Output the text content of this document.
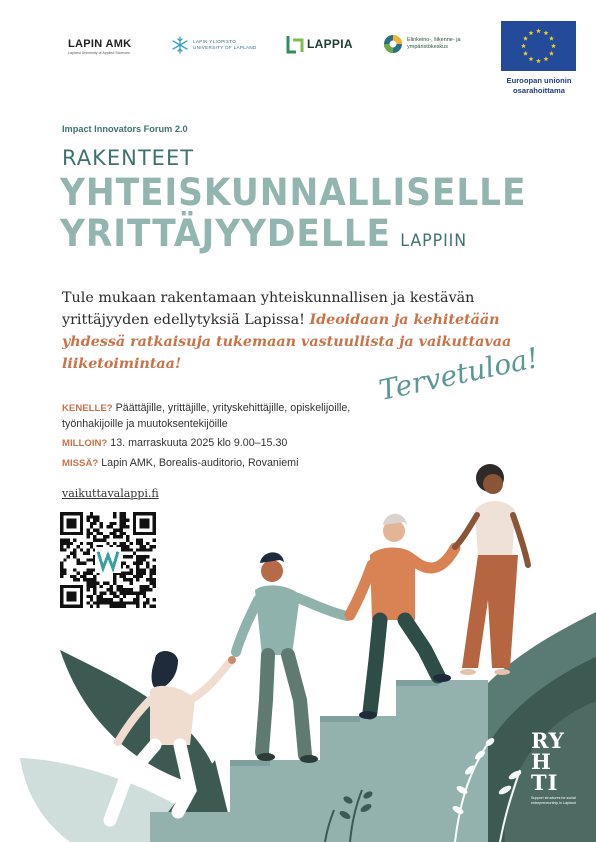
LAPIN AMK
Lapland University of Applied Sciences
LAPIN YLIOPISTO
UNIVERSITY OF LAPLAND	LAPPIA	Elinkeino-, liikenne- ja
ympäristökeskus
Euroopan unionin
osarahoittama
Impact Innovators Forum 2.0
RAKENTEET
YHTEISKUNNALLISELLE
YRITTÄJYYDELLE LAPPIIN
Tule mukaan rakentamaan yhteiskunnallisen ja kestävän yrittäjyyden edellytyksiä Lapissa! Ideoidaan ja kehitetään yhdessä ratkaisuja tukemaan vastuullista ja vaikuttavaa liiketoimintaa!

KENELLE? Päättäjille, yrittäjille, yrityskehittäjille, opiskelijoille, työnhakijoille ja muutoksentekijöille

MILLOIN? 13. marraskuuta 2025 klo 9.00–15.30

MISSÄ? Lapin AMK, Borealis-auditorio, Rovaniemi

Tervetuloa!
vaikuttavalappi.fi
RYHTI
Support structures for social entrepreneurship in Lapland
